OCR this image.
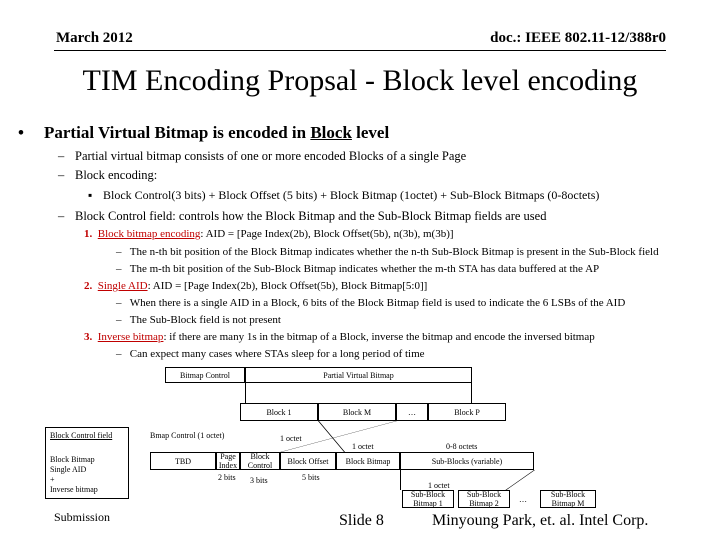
March 2012	doc.: IEEE 802.11-12/388r0
TIM Encoding Propsal - Block level encoding
• Partial Virtual Bitmap is encoded in Block level
– Partial virtual bitmap consists of one or more encoded Blocks of a single Page
– Block encoding:
▪ Block Control(3 bits) + Block Offset (5 bits) + Block Bitmap (1octet) + Sub-Block Bitmaps (0-8octets)
– Block Control field: controls how the Block Bitmap and the Sub-Block Bitmap fields are used
1. Block bitmap encoding: AID = [Page Index(2b), Block Offset(5b), n(3b), m(3b)]
–   The n-th bit position of the Block Bitmap indicates whether the n-th Sub-Block Bitmap is present in the Sub-Block field
–   The m-th bit position of the Sub-Block Bitmap indicates whether the m-th STA has data buffered at the AP
2. Single AID: AID = [Page Index(2b), Block Offset(5b), Block Bitmap[5:0]]
–   When there is a single AID in a Block, 6 bits of the Block Bitmap field is used to indicate the 6 LSBs of the AID
–   The Sub-Block field is not present
3. Inverse bitmap: if there are many 1s in the bitmap of a Block, inverse the bitmap and encode the inversed bitmap
–   Can expect many cases where STAs sleep for a long period of time
Bitmap Control	Partial Virtual Bitmap
Block 1	Block M	…	Block P
Block Control field
Block Bitmap
Single AID
+
Inverse bitmap
Bmap Control (1 octet)	1 octet
1 octet	0-8 octets
TBD	Page Index
Block Control	Block Offset	Block Bitmap	Sub-Blocks (variable)
2 bits 3 bits	5 bits
1 octet
Sub-Block Bitmap 1
Sub-Block Bitmap 2	…
Sub-Block Bitmap M
Submission	Slide 8	Minyoung Park, et. al. Intel Corp.
